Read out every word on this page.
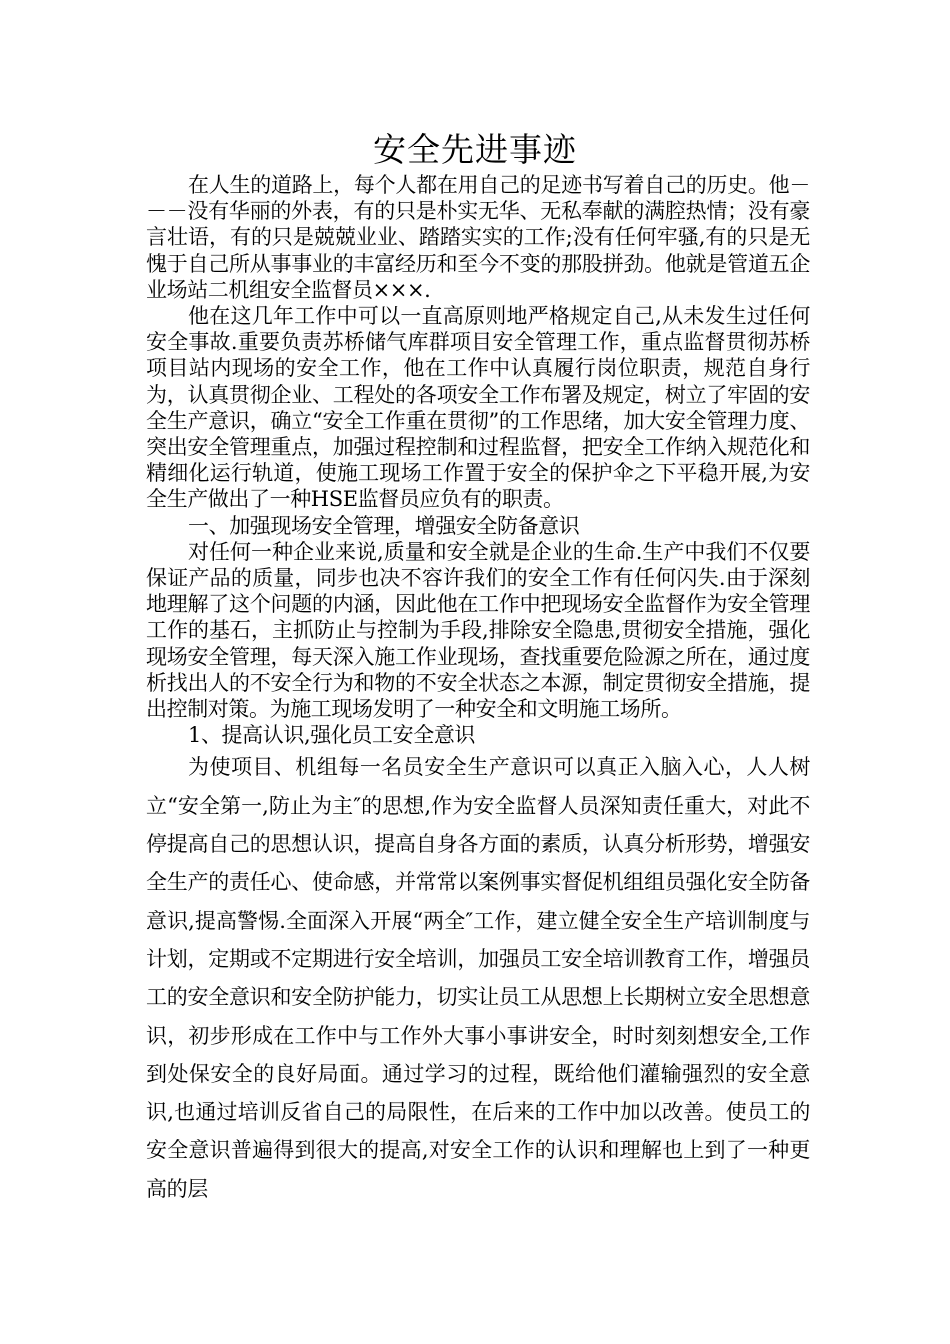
安全先进事迹

在人生的道路上，每个人都在用自己的足迹书写着自己的历史。他－－－没有华丽的外表，有的只是朴实无华、无私奉献的满腔热情；没有豪言壮语，有的只是兢兢业业、踏踏实实的工作;没有任何牢骚,有的只是无愧于自己所从事事业的丰富经历和至今不变的那股拼劲。他就是管道五企业场站二机组安全监督员×××.

他在这几年工作中可以一直高原则地严格规定自己,从未发生过任何安全事故.重要负责苏桥储气库群项目安全管理工作，重点监督贯彻苏桥项目站内现场的安全工作，他在工作中认真履行岗位职责，规范自身行为，认真贯彻企业、工程处的各项安全工作布署及规定，树立了牢固的安全生产意识，确立“安全工作重在贯彻”的工作思绪，加大安全管理力度、突出安全管理重点，加强过程控制和过程监督，把安全工作纳入规范化和精细化运行轨道，使施工现场工作置于安全的保护伞之下平稳开展,为安全生产做出了一种HSE监督员应负有的职责。

一、加强现场安全管理，增强安全防备意识

对任何一种企业来说,质量和安全就是企业的生命.生产中我们不仅要保证产品的质量，同步也决不容许我们的安全工作有任何闪失.由于深刻地理解了这个问题的内涵，因此他在工作中把现场安全监督作为安全管理工作的基石，主抓防止与控制为手段,排除安全隐患,贯彻安全措施，强化现场安全管理，每天深入施工作业现场，查找重要危险源之所在，通过度析找出人的不安全行为和物的不安全状态之本源，制定贯彻安全措施，提出控制对策。为施工现场发明了一种安全和文明施工场所。

1、提高认识,强化员工安全意识

为使项目、机组每一名员安全生产意识可以真正入脑入心，人人树立“安全第一,防止为主″的思想,作为安全监督人员深知责任重大，对此不停提高自己的思想认识，提高自身各方面的素质，认真分析形势，增强安全生产的责任心、使命感，并常常以案例事实督促机组组员强化安全防备意识,提高警惕.全面深入开展“两全″工作，建立健全安全生产培训制度与计划，定期或不定期进行安全培训，加强员工安全培训教育工作，增强员工的安全意识和安全防护能力，切实让员工从思想上长期树立安全思想意识，初步形成在工作中与工作外大事小事讲安全，时时刻刻想安全,工作到处保安全的良好局面。通过学习的过程，既给他们灌输强烈的安全意识,也通过培训反省自己的局限性，在后来的工作中加以改善。使员工的安全意识普遍得到很大的提高,对安全工作的认识和理解也上到了一种更高的层
